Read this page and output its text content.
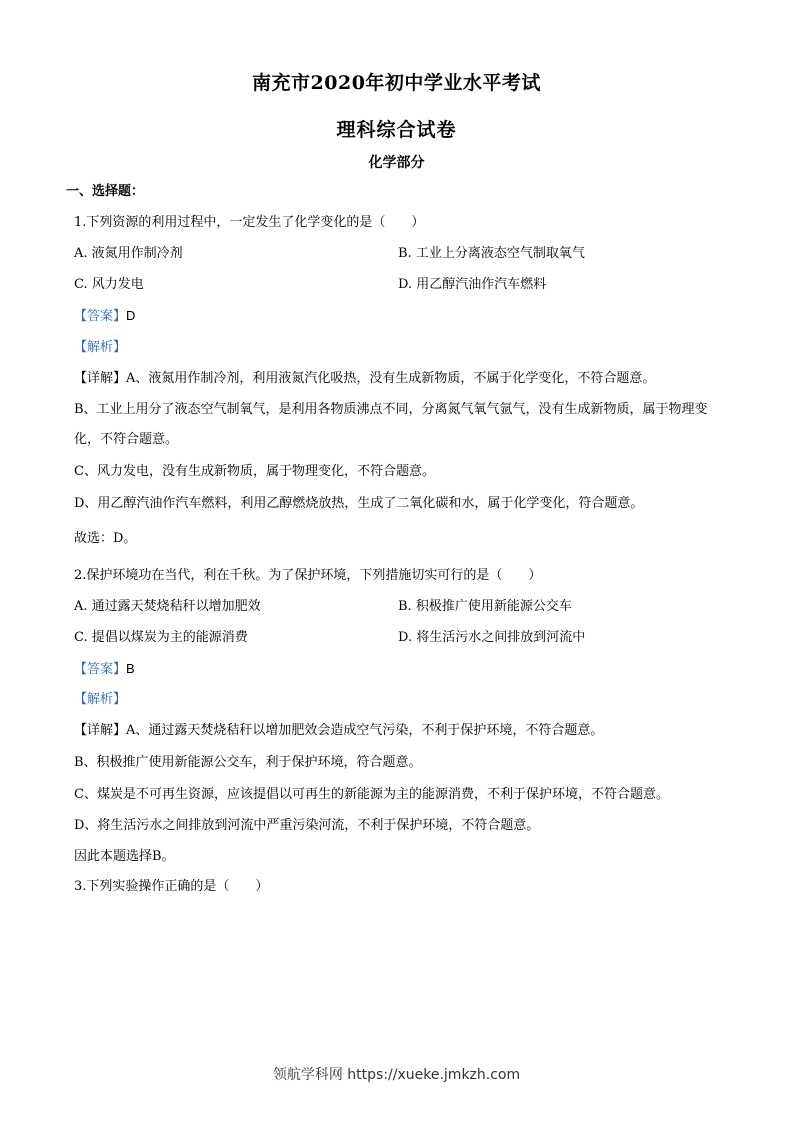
南充市2020年初中学业水平考试
理科综合试卷
化学部分
一、选择题：
1.下列资源的利用过程中，一定发生了化学变化的是（　　）
A. 液氮用作制冷剂	B. 工业上分离液态空气制取氧气
C. 风力发电	D. 用乙醇汽油作汽车燃料
【答案】D
【解析】
【详解】A、液氮用作制冷剂，利用液氮汽化吸热，没有生成新物质，不属于化学变化，不符合题意。
B、工业上用分了液态空气制氧气，是利用各物质沸点不同，分离氮气氧气氩气，没有生成新物质，属于物理变化，不符合题意。
C、风力发电，没有生成新物质，属于物理变化，不符合题意。
D、用乙醇汽油作汽车燃料，利用乙醇燃烧放热，生成了二氧化碳和水，属于化学变化，符合题意。
故选：D。
2.保护环境功在当代，利在千秋。为了保护环境，下列措施切实可行的是（　　）
A. 通过露天焚烧秸秆以增加肥效	B. 积极推广使用新能源公交车
C. 提倡以煤炭为主的能源消费	D. 将生活污水之间排放到河流中
【答案】B
【解析】
【详解】A、通过露天焚烧秸秆以增加肥效会造成空气污染，不利于保护环境，不符合题意。
B、积极推广使用新能源公交车，利于保护环境，符合题意。
C、煤炭是不可再生资源，应该提倡以可再生的新能源为主的能源消费，不利于保护环境，不符合题意。
D、将生活污水之间排放到河流中严重污染河流，不利于保护环境，不符合题意。
因此本题选择B。
3.下列实验操作正确的是（　　）
领航学科网 https://xueke.jmkzh.com
